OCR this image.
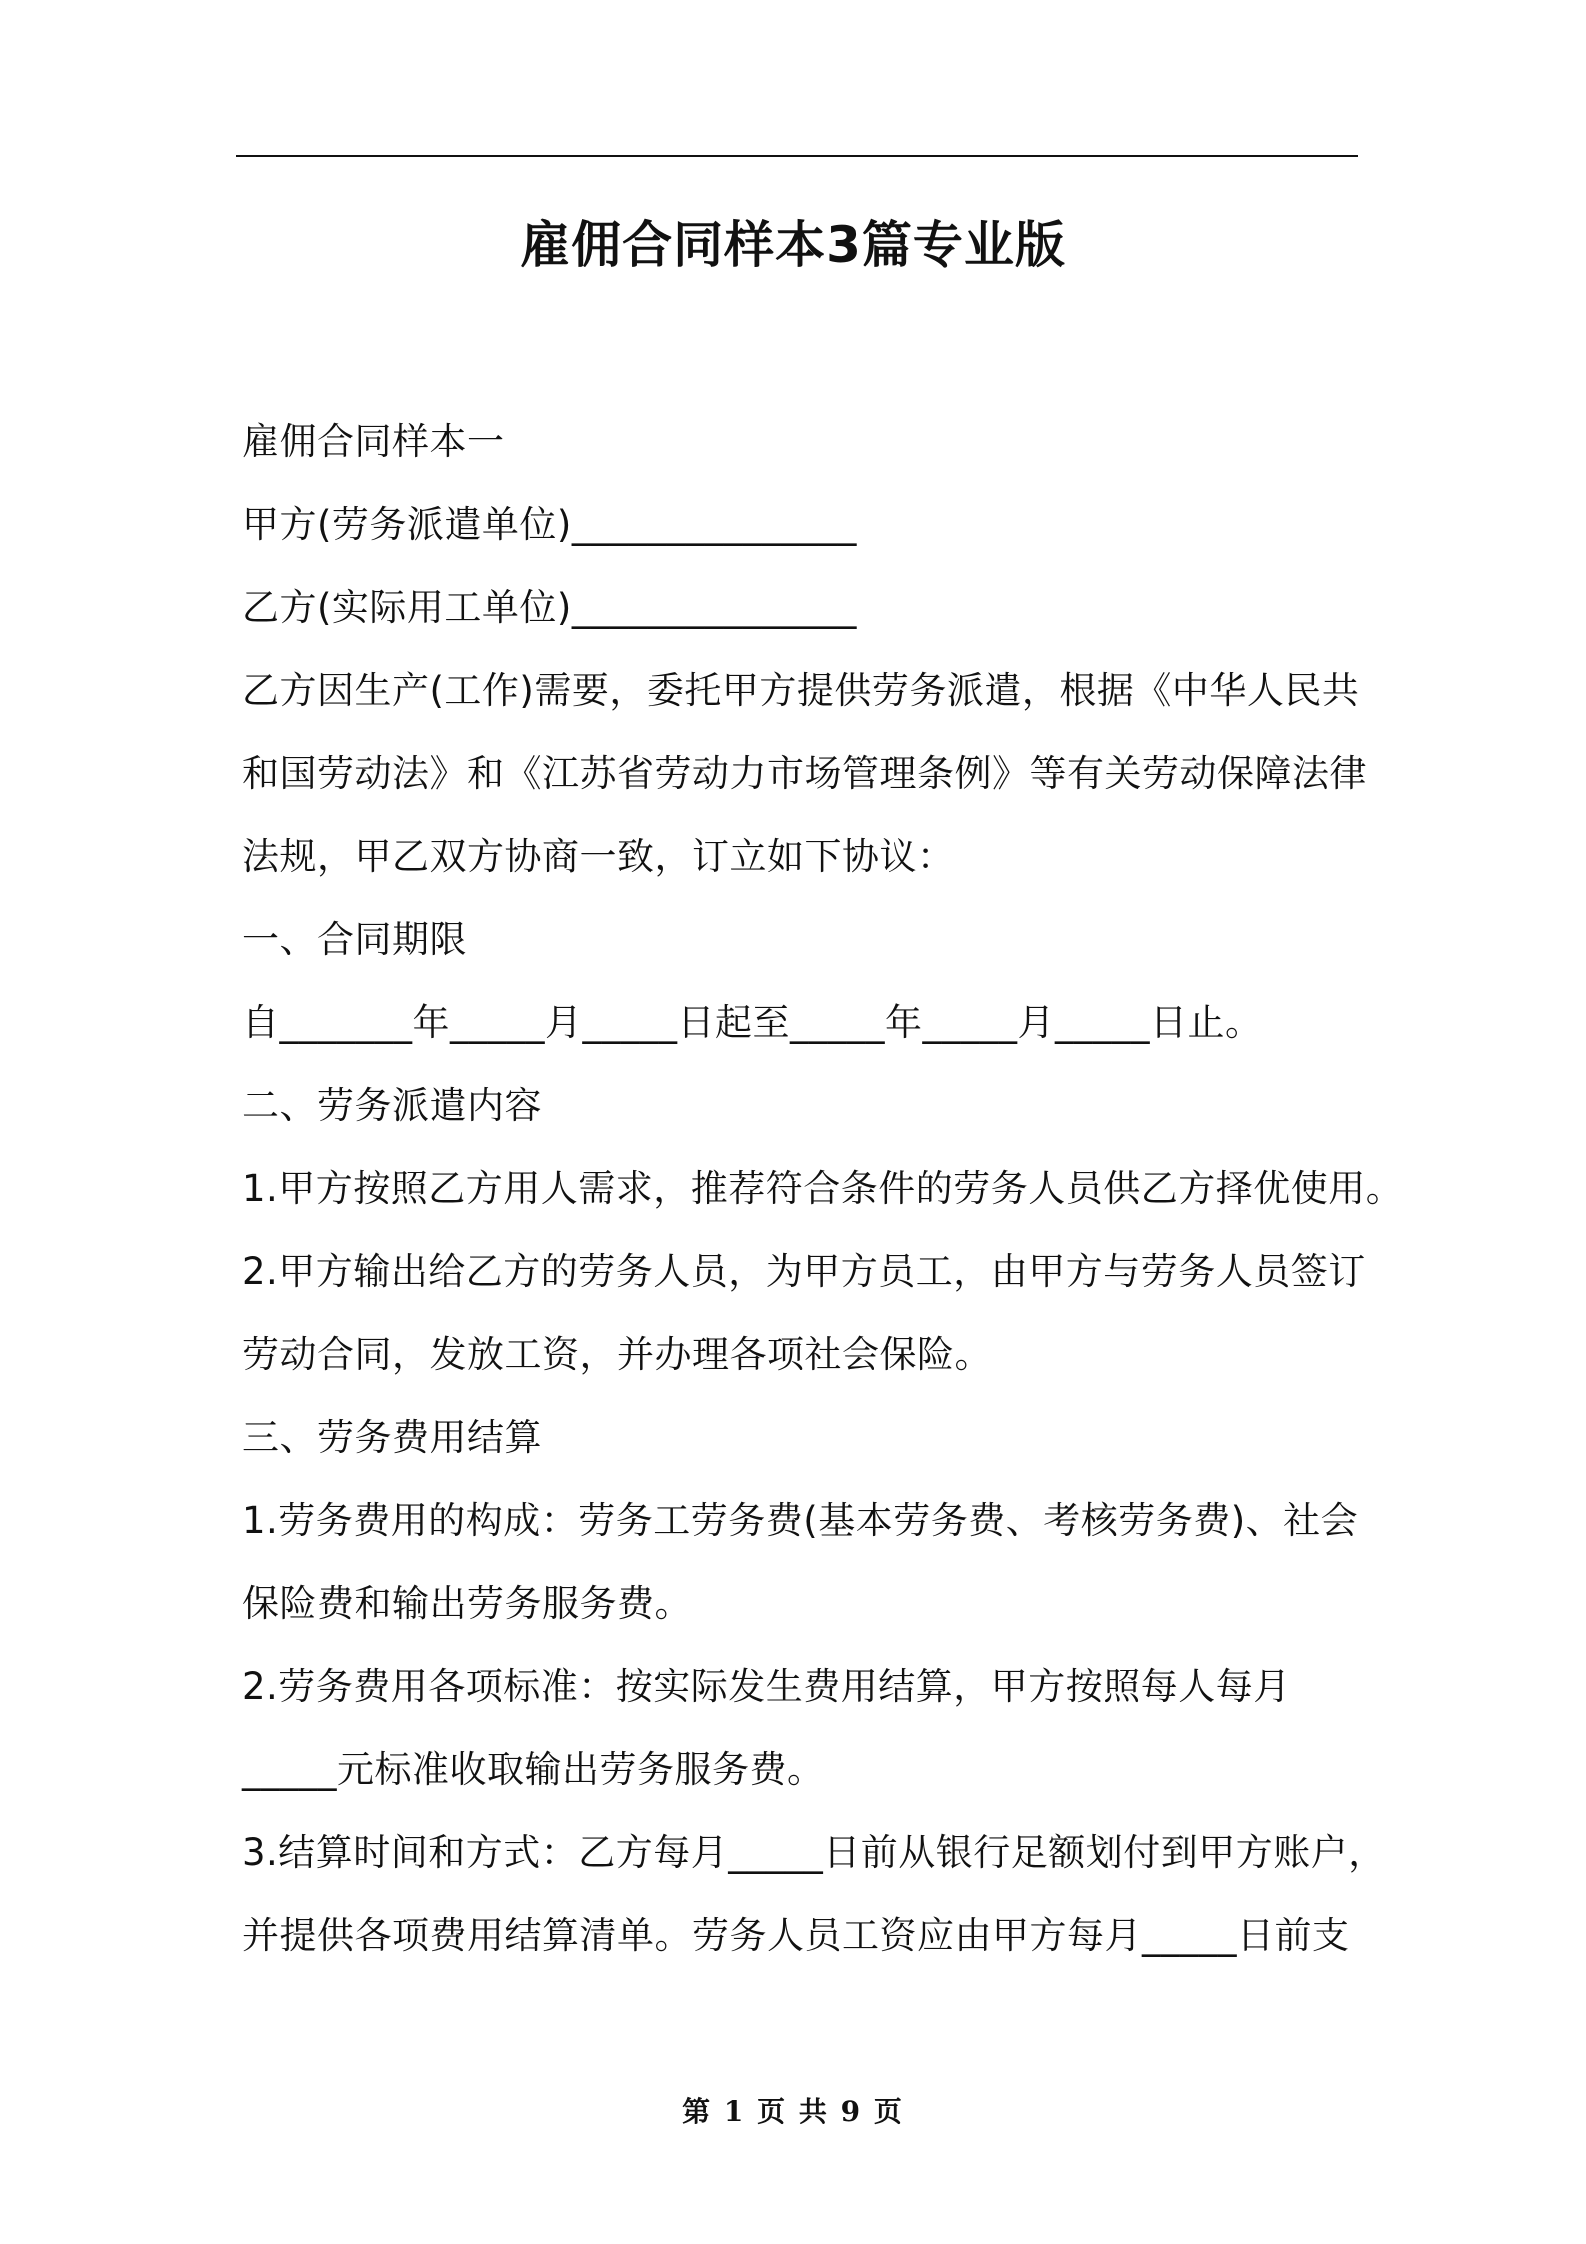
雇佣合同样本3篇专业版
雇佣合同样本一
甲方(劳务派遣单位)_______________
乙方(实际用工单位)_______________
乙方因生产(工作)需要，委托甲方提供劳务派遣，根据《中华人民共
和国劳动法》和《江苏省劳动力市场管理条例》等有关劳动保障法律
法规，甲乙双方协商一致，订立如下协议：
一、合同期限
自_______年_____月_____日起至_____年_____月_____日止。
二、劳务派遣内容
1.甲方按照乙方用人需求，推荐符合条件的劳务人员供乙方择优使用。
2.甲方输出给乙方的劳务人员，为甲方员工，由甲方与劳务人员签订
劳动合同，发放工资，并办理各项社会保险。
三、劳务费用结算
1.劳务费用的构成：劳务工劳务费(基本劳务费、考核劳务费)、社会
保险费和输出劳务服务费。
2.劳务费用各项标准：按实际发生费用结算，甲方按照每人每月
_____元标准收取输出劳务服务费。
3.结算时间和方式：乙方每月_____日前从银行足额划付到甲方账户，
并提供各项费用结算清单。劳务人员工资应由甲方每月_____日前支
第 1 页 共 9 页
